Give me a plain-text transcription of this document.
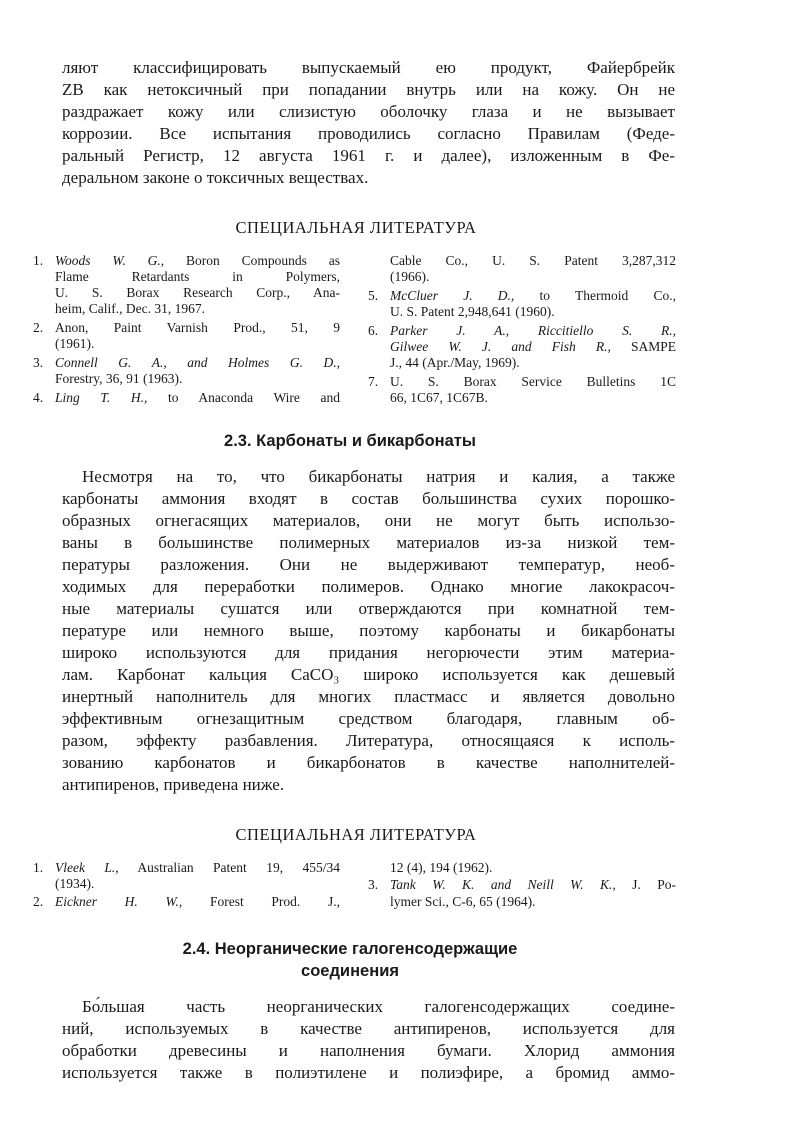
ляют классифицировать выпускаемый ею продукт, Файербрейк
ZB как нетоксичный при попадании внутрь или на кожу. Он не
раздражает кожу или слизистую оболочку глаза и не вызывает
коррозии. Все испытания проводились согласно Правилам (Феде-
ральный Регистр, 12 августа 1961 г. и далее), изложенным в Фе-
деральном законе о токсичных веществах.
СПЕЦИАЛЬНАЯ ЛИТЕРАТУРА
1. Woods W. G., Boron Compounds as
Flame Retardants in Polymers,
U. S. Borax Research Corp., Ana-
heim, Calif., Dec. 31, 1967.
2. Anon, Paint Varnish Prod., 51, 9
(1961).
3. Connell G. A., and Holmes G. D.,
Forestry, 36, 91 (1963).
4. Ling T. H., to Anaconda Wire and
Cable Co., U. S. Patent 3,287,312
(1966).
5. McCluer J. D., to Thermoid Co.,
U. S. Patent 2,948,641 (1960).
6. Parker J. A., Riccitiello S. R.,
Gilwee W. J. and Fish R., SAMPE
J., 44 (Apr./May, 1969).
7. U. S. Borax Service Bulletins 1C
66, 1C67, 1C67B.
2.3. Карбонаты и бикарбонаты
Несмотря на то, что бикарбонаты натрия и калия, а также
карбонаты аммония входят в состав большинства сухих порошко-
образных огнегасящих материалов, они не могут быть использо-
ваны в большинстве полимерных материалов из-за низкой тем-
пературы разложения. Они не выдерживают температур, необ-
ходимых для переработки полимеров. Однако многие лакокрасоч-
ные материалы сушатся или отверждаются при комнатной тем-
пературе или немного выше, поэтому карбонаты и бикарбонаты
широко используются для придания негорючести этим материа-
лам. Карбонат кальция CaCO₃ широко используется как дешевый
инертный наполнитель для многих пластмасс и является довольно
эффективным огнезащитным средством благодаря, главным об-
разом, эффекту разбавления. Литература, относящаяся к исполь-
зованию карбонатов и бикарбонатов в качестве наполнителей-
антипиренов, приведена ниже.
СПЕЦИАЛЬНАЯ ЛИТЕРАТУРА
1. Vleek L., Australian Patent 19, 455/34
(1934).
2. Eickner H. W., Forest Prod. J.,
12 (4), 194 (1962).
3. Tank W. K. and Neill W. K., J. Po-
lymer Sci., C-6, 65 (1964).
2.4. Неорганические галогенсодержащие
соединения
Бо́льшая часть неорганических галогенсодержащих соедине-
ний, используемых в качестве антипиренов, используется для
обработки древесины и наполнения бумаги. Хлорид аммония
используется также в полиэтилене и полиэфире, а бромид аммо-
